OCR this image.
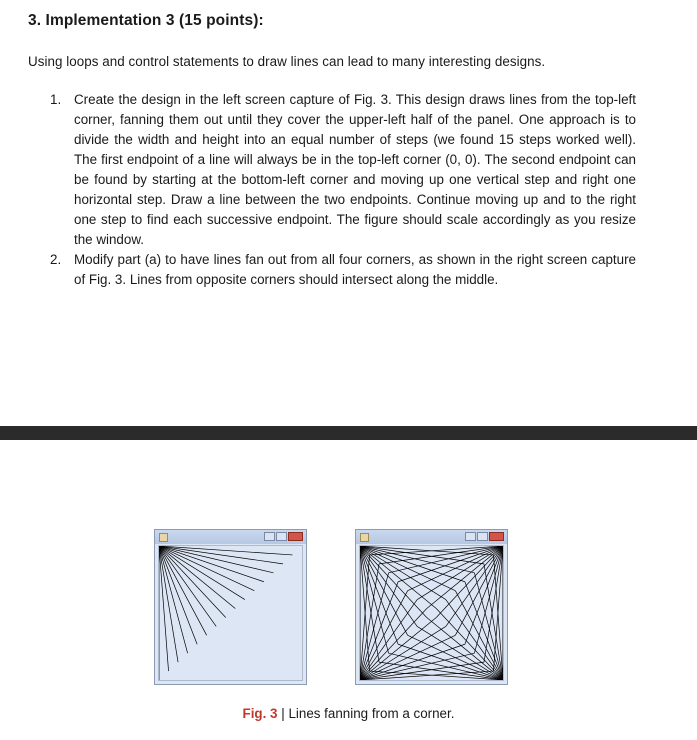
3. Implementation 3 (15 points):

Using loops and control statements to draw lines can lead to many interesting designs.

1. Create the design in the left screen capture of Fig. 3. This design draws lines from the top-left corner, fanning them out until they cover the upper-left half of the panel. One approach is to divide the width and height into an equal number of steps (we found 15 steps worked well). The first endpoint of a line will always be in the top-left corner (0, 0). The second endpoint can be found by starting at the bottom-left corner and moving up one vertical step and right one horizontal step. Draw a line between the two endpoints. Continue moving up and to the right one step to find each successive endpoint. The figure should scale accordingly as you resize the window.
2. Modify part (a) to have lines fan out from all four corners, as shown in the right screen capture of Fig. 3. Lines from opposite corners should intersect along the middle.

Fig. 3 | Lines fanning from a corner.
